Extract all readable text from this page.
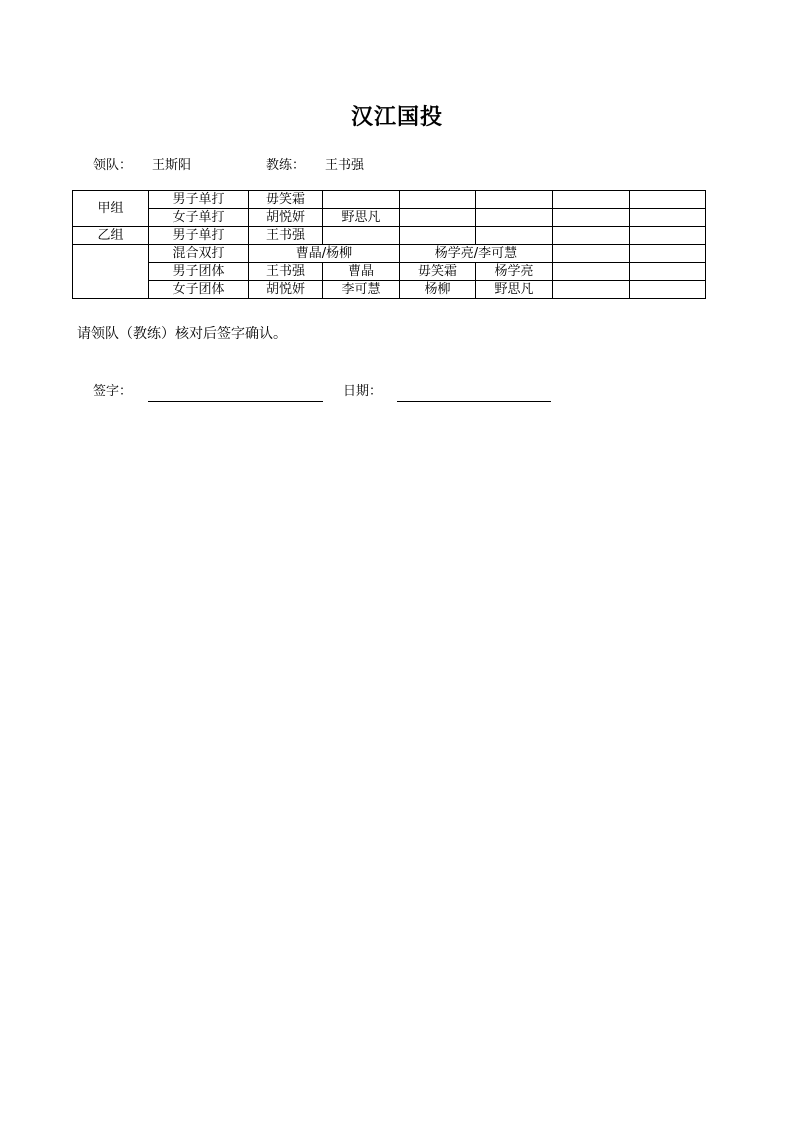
汉江国投
领队： 王斯阳	教练： 王书强
甲组	男子单打	毋笑霜					
	女子单打	胡悦妍	野思凡				
乙组	男子单打	王书强					
	混合双打	曹晶/杨柳		杨学亮/李可慧			
	男子团体	王书强	曹晶	毋笑霜	杨学亮		
	女子团体	胡悦妍	李可慧	杨柳	野思凡		
请领队（教练）核对后签字确认。
签字：	日期：
